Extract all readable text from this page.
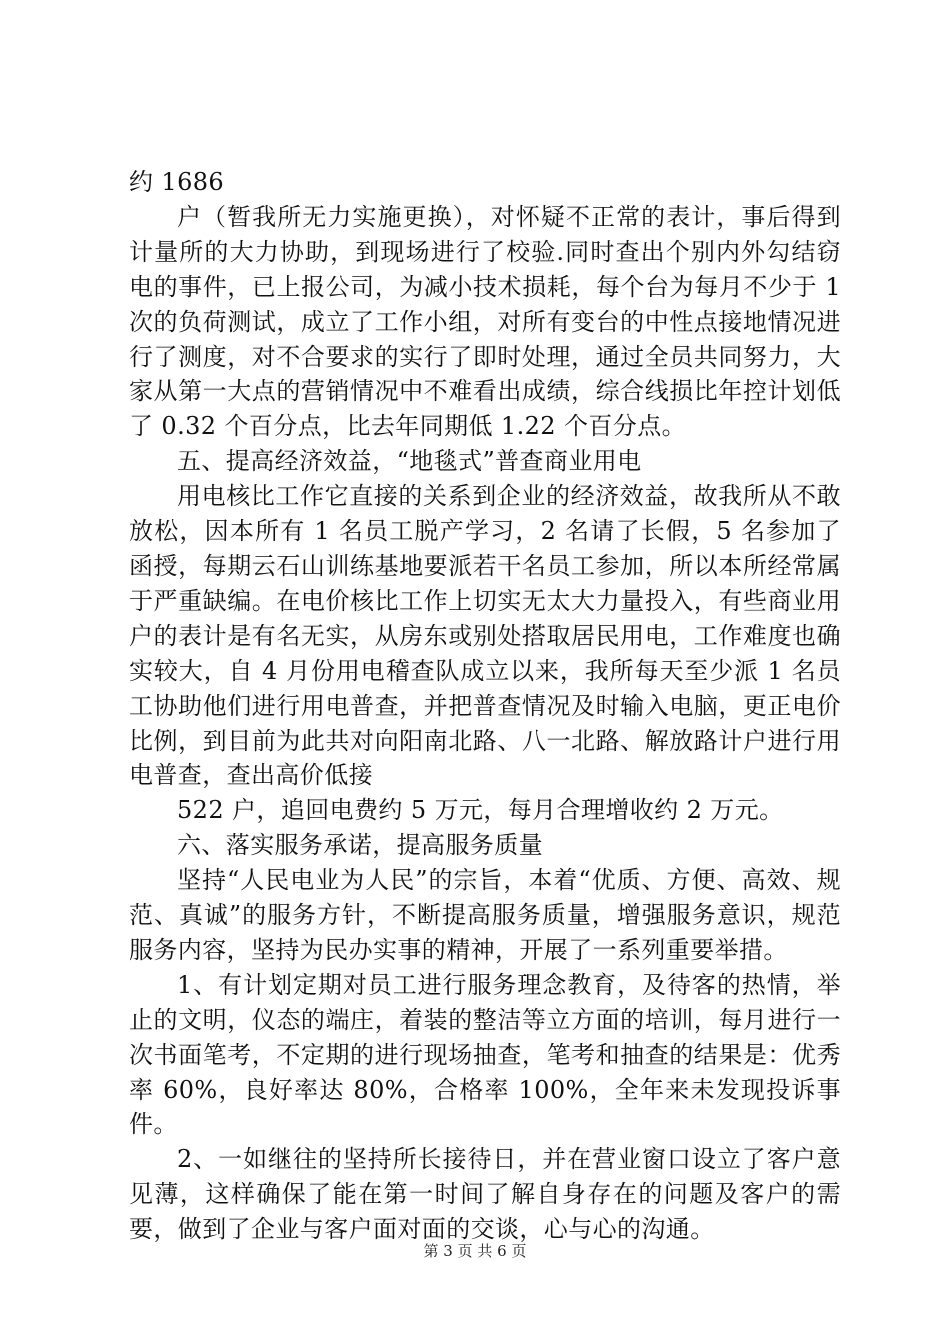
约 1686

户（暂我所无力实施更换），对怀疑不正常的表计，事后得到计量所的大力协助，到现场进行了校验.同时查出个别内外勾结窃电的事件，已上报公司，为减小技术损耗，每个台为每月不少于 1 次的负荷测试，成立了工作小组，对所有变台的中性点接地情况进行了测度，对不合要求的实行了即时处理，通过全员共同努力，大家从第一大点的营销情况中不难看出成绩，综合线损比年控计划低了 0.32 个百分点，比去年同期低 1.22 个百分点。

五、提高经济效益，“地毯式”普查商业用电

用电核比工作它直接的关系到企业的经济效益，故我所从不敢放松，因本所有 1 名员工脱产学习，2 名请了长假，5 名参加了函授，每期云石山训练基地要派若干名员工参加，所以本所经常属于严重缺编。在电价核比工作上切实无太大力量投入，有些商业用户的表计是有名无实，从房东或别处搭取居民用电，工作难度也确实较大，自 4 月份用电稽查队成立以来，我所每天至少派 1 名员工协助他们进行用电普查，并把普查情况及时输入电脑，更正电价比例，到目前为此共对向阳南北路、八一北路、解放路计户进行用电普查，查出高价低接

522 户，追回电费约 5 万元，每月合理增收约 2 万元。

六、落实服务承诺，提高服务质量

坚持“人民电业为人民”的宗旨，本着“优质、方便、高效、规范、真诚”的服务方针，不断提高服务质量，增强服务意识，规范服务内容，坚持为民办实事的精神，开展了一系列重要举措。

1、有计划定期对员工进行服务理念教育，及待客的热情，举止的文明，仪态的端庄，着装的整洁等立方面的培训，每月进行一次书面笔考，不定期的进行现场抽查，笔考和抽查的结果是：优秀率 60%，良好率达 80%，合格率 100%，全年来未发现投诉事件。

2、一如继往的坚持所长接待日，并在营业窗口设立了客户意见薄，这样确保了能在第一时间了解自身存在的问题及客户的需要，做到了企业与客户面对面的交谈，心与心的沟通。

第 3 页 共 6 页
